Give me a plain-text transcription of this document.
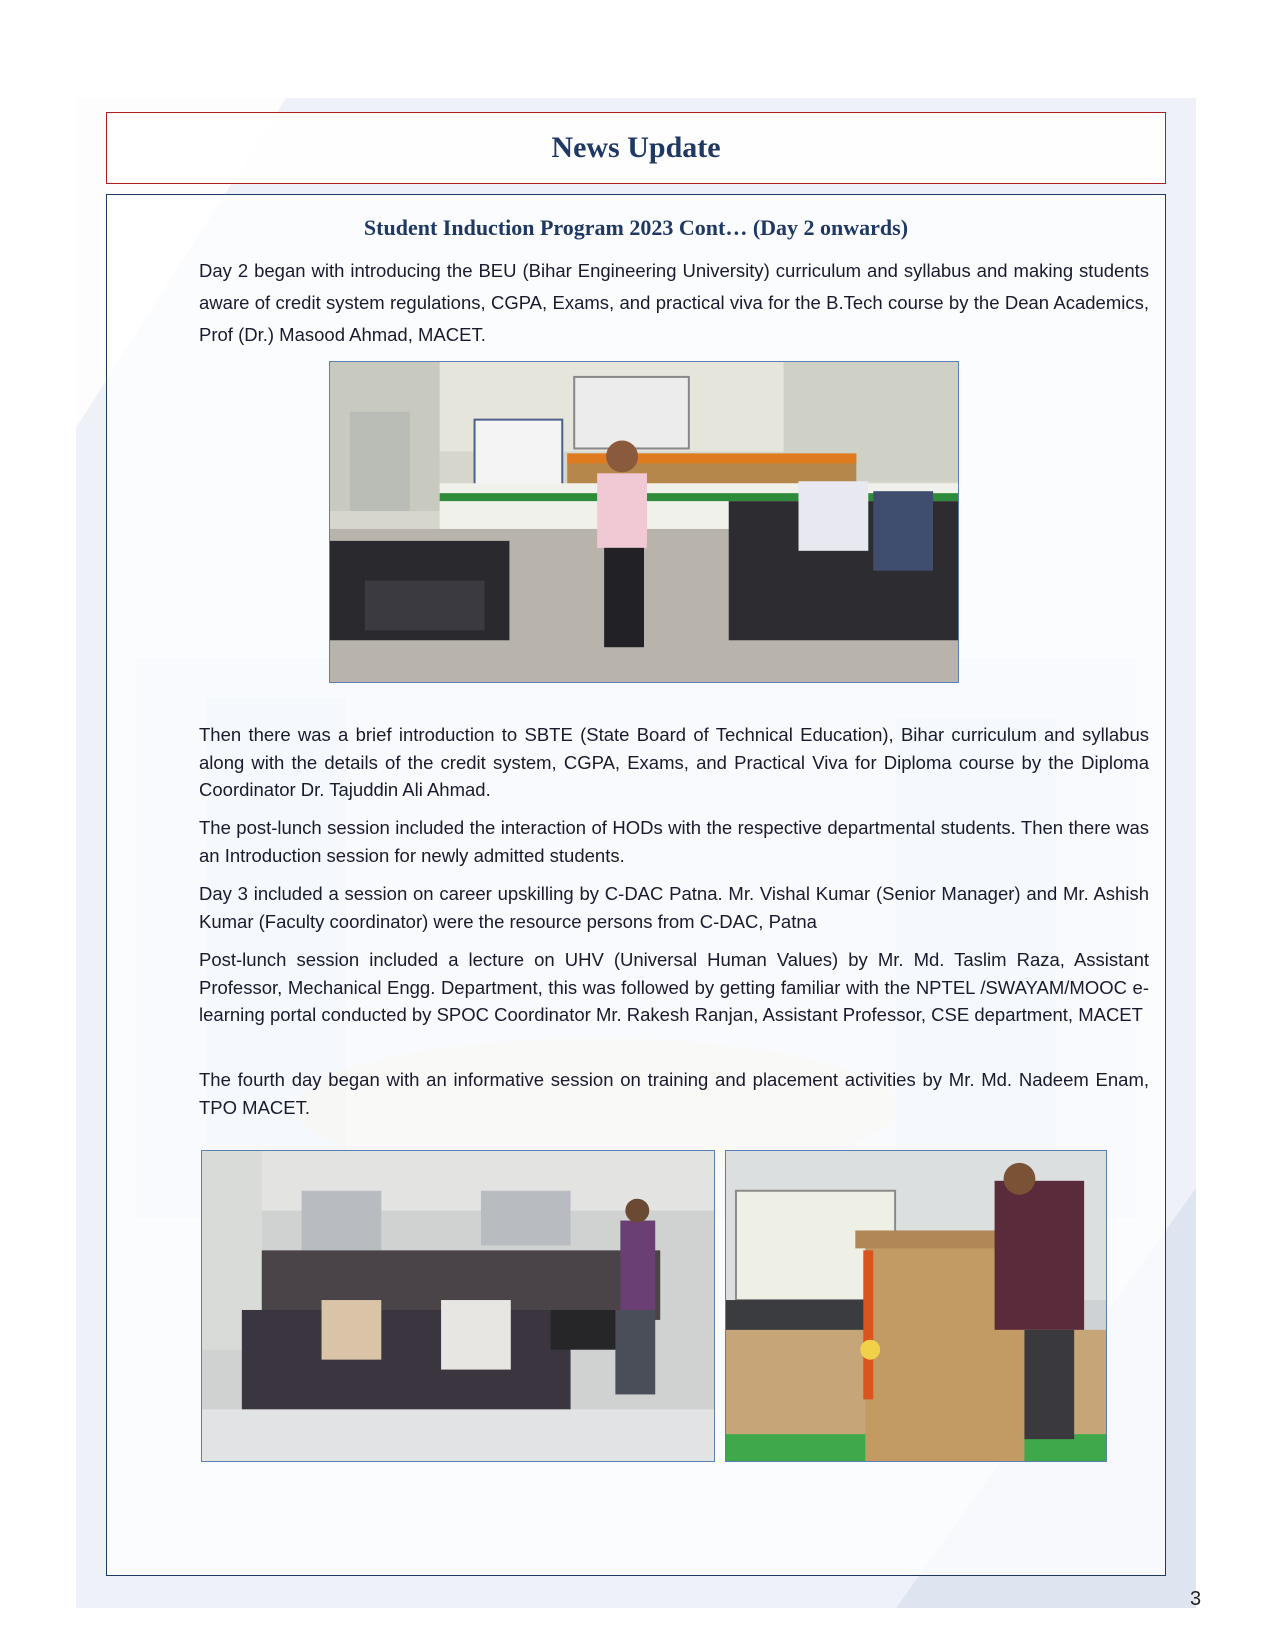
News Update
Student Induction Program 2023 Cont… (Day 2 onwards)

Day 2 began with introducing the BEU (Bihar Engineering University) curriculum and syllabus and making students aware of credit system regulations, CGPA, Exams, and practical viva for the B.Tech course by the Dean Academics, Prof (Dr.) Masood Ahmad, MACET.

Then there was a brief introduction to SBTE (State Board of Technical Education), Bihar curriculum and syllabus along with the details of the credit system, CGPA, Exams, and Practical Viva for Diploma course by the Diploma Coordinator Dr. Tajuddin Ali Ahmad.

The post-lunch session included the interaction of HODs with the respective departmental students. Then there was an Introduction session for newly admitted students.

Day 3 included a session on career upskilling by C-DAC Patna. Mr. Vishal Kumar (Senior Manager) and Mr. Ashish Kumar (Faculty coordinator) were the resource persons from C-DAC, Patna

Post-lunch session included a lecture on UHV (Universal Human Values) by Mr. Md. Taslim Raza, Assistant Professor, Mechanical Engg. Department, this was followed by getting familiar with the NPTEL /SWAYAM/MOOC e-learning portal conducted by SPOC Coordinator Mr. Rakesh Ranjan, Assistant Professor, CSE department, MACET

The fourth day began with an informative session on training and placement activities by Mr. Md. Nadeem Enam, TPO MACET.

3
